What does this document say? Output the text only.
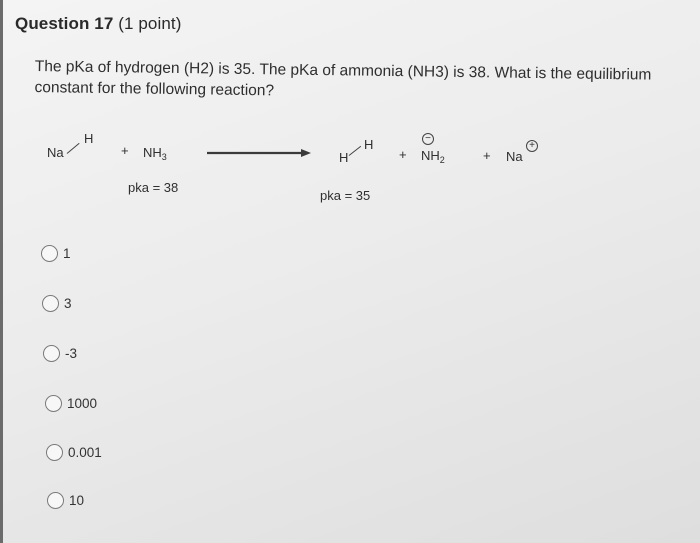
Question 17 (1 point)
The pKa of hydrogen (H2) is 35. The pKa of ammonia (NH3) is 38. What is the equilibrium constant for the following reaction?
Na
H
+ $NH_3$
pka = 38
H
H
pka = 35
+
−
$NH_2$	+ Na
+
1
3
-3
1000
0.001
10
